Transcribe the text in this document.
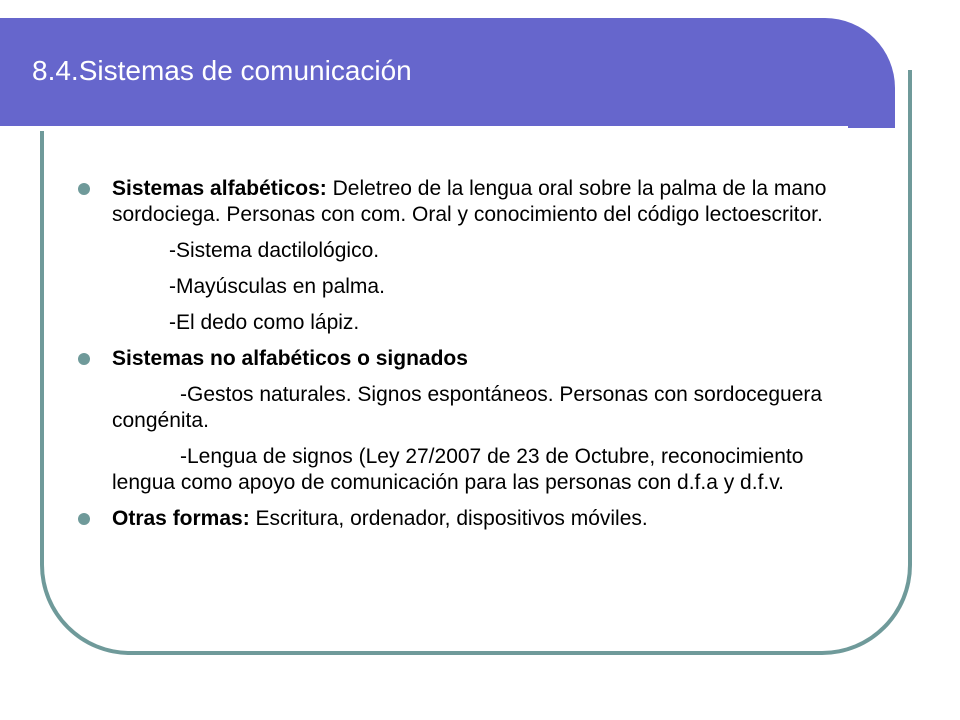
8.4.Sistemas de comunicación
Sistemas alfabéticos: Deletreo de la lengua oral sobre la palma de la mano sordociega. Personas con com. Oral y conocimiento del código lectoescritor.
-Sistema dactilológico.
-Mayúsculas en palma.
-El dedo como lápiz.
Sistemas no alfabéticos o signados
-Gestos naturales. Signos espontáneos. Personas con sordoceguera congénita.
-Lengua de signos (Ley 27/2007 de 23 de Octubre, reconocimiento lengua como apoyo de comunicación para las personas con d.f.a y d.f.v.
Otras formas: Escritura, ordenador, dispositivos móviles.
